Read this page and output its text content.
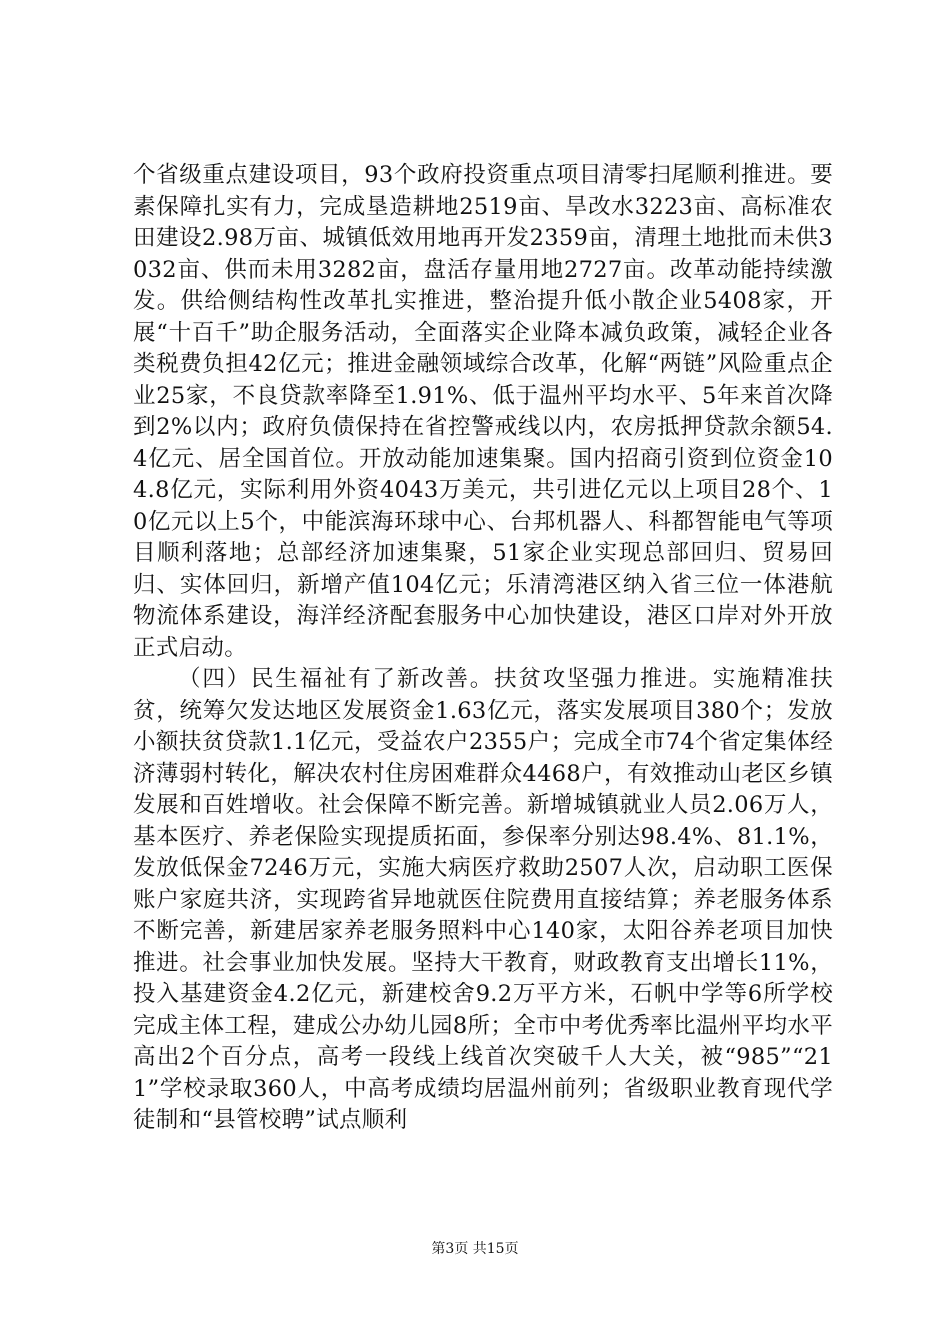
个省级重点建设项目，93个政府投资重点项目清零扫尾顺利推进。要素保障扎实有力，完成垦造耕地2519亩、旱改水3223亩、高标准农田建设2.98万亩、城镇低效用地再开发2359亩，清理土地批而未供3032亩、供而未用3282亩，盘活存量用地2727亩。改革动能持续激发。供给侧结构性改革扎实推进，整治提升低小散企业5408家，开展“十百千”助企服务活动，全面落实企业降本减负政策，减轻企业各类税费负担42亿元；推进金融领域综合改革，化解“两链”风险重点企业25家，不良贷款率降至1.91%、低于温州平均水平、5年来首次降到2%以内；政府负债保持在省控警戒线以内，农房抵押贷款余额54.4亿元、居全国首位。开放动能加速集聚。国内招商引资到位资金104.8亿元，实际利用外资4043万美元，共引进亿元以上项目28个、10亿元以上5个，中能滨海环球中心、台邦机器人、科都智能电气等项目顺利落地；总部经济加速集聚，51家企业实现总部回归、贸易回归、实体回归，新增产值104亿元；乐清湾港区纳入省三位一体港航物流体系建设，海洋经济配套服务中心加快建设，港区口岸对外开放正式启动。

（四）民生福祉有了新改善。扶贫攻坚强力推进。实施精准扶贫，统筹欠发达地区发展资金1.63亿元，落实发展项目380个；发放小额扶贫贷款1.1亿元，受益农户2355户；完成全市74个省定集体经济薄弱村转化，解决农村住房困难群众4468户，有效推动山老区乡镇发展和百姓增收。社会保障不断完善。新增城镇就业人员2.06万人，基本医疗、养老保险实现提质拓面，参保率分别达98.4%、81.1%，发放低保金7246万元，实施大病医疗救助2507人次，启动职工医保账户家庭共济，实现跨省异地就医住院费用直接结算；养老服务体系不断完善，新建居家养老服务照料中心140家，太阳谷养老项目加快推进。社会事业加快发展。坚持大干教育，财政教育支出增长11%，投入基建资金4.2亿元，新建校舍9.2万平方米，石帆中学等6所学校完成主体工程，建成公办幼儿园8所；全市中考优秀率比温州平均水平高出2个百分点，高考一段线上线首次突破千人大关，被“985”“211”学校录取360人，中高考成绩均居温州前列；省级职业教育现代学徒制和“县管校聘”试点顺利

第3页 共15页
